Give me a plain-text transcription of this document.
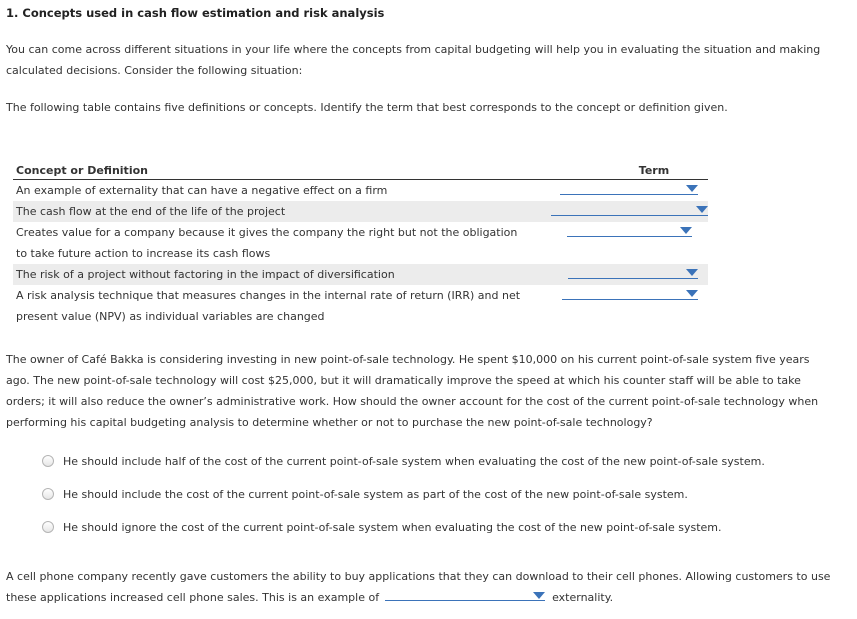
1. Concepts used in cash flow estimation and risk analysis

You can come across different situations in your life where the concepts from capital budgeting will help you in evaluating the situation and making calculated decisions. Consider the following situation:

The following table contains five definitions or concepts. Identify the term that best corresponds to the concept or definition given.

Concept or Definition	Term
An example of externality that can have a negative effect on a firm	

The cash flow at the end of the life of the project	

Creates value for a company because it gives the company the right but not the obligation to take future action to increase its cash flows	

The risk of a project without factoring in the impact of diversification	

A risk analysis technique that measures changes in the internal rate of return (IRR) and net present value (NPV) as individual variables are changed	

The owner of Café Bakka is considering investing in new point-of-sale technology. He spent $10,000 on his current point-of-sale system five years ago. The new point-of-sale technology will cost $25,000, but it will dramatically improve the speed at which his counter staff will be able to take orders; it will also reduce the owner’s administrative work. How should the owner account for the cost of the current point-of-sale technology when performing his capital budgeting analysis to determine whether or not to purchase the new point-of-sale technology?

He should include half of the cost of the current point-of-sale system when evaluating the cost of the new point-of-sale system.
He should include the cost of the current point-of-sale system as part of the cost of the new point-of-sale system.
He should ignore the cost of the current point-of-sale system when evaluating the cost of the new point-of-sale system.

A cell phone company recently gave customers the ability to buy applications that they can download to their cell phones. Allowing customers to use these applications increased cell phone sales. This is an example of	externality.
